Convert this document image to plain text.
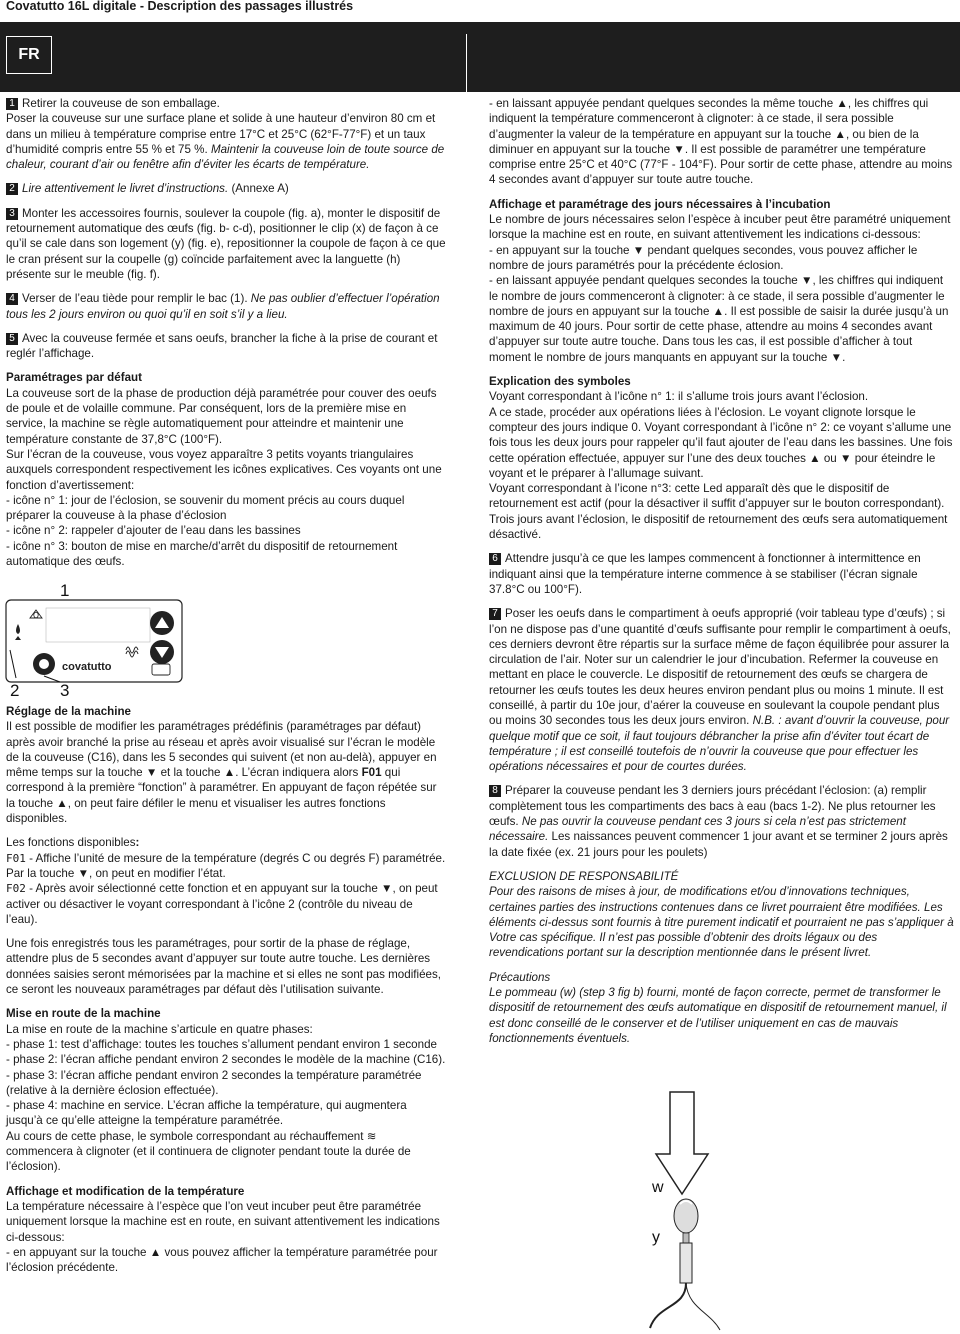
Covatutto 16L digitale - Description des passages illustrés
FR

1 Retirer la couveuse de son emballage.
Poser la couveuse sur une surface plane et solide à une hauteur d’environ 80 cm et dans un milieu à température comprise entre 17°C et 25°C (62°F-77°F) et un taux d’humidité compris entre 55 % et 75 %. Maintenir la couveuse loin de toute source de chaleur, courant d’air ou fenêtre afin d’éviter les écarts de température.

2 Lire attentivement le livret d’instructions. (Annexe A)

3 Monter les accessoires fournis, soulever la coupole (fig. a), monter le dispositif de retournement automatique des œufs (fig. b- c-d), positionner le clip (x) de façon à ce qu’il se cale dans son logement (y) (fig. e), repositionner la coupole de façon à ce que le cran présent sur la coupelle (g) coïncide parfaitement avec la languette (h) présente sur le meuble (fig. f).

4 Verser de l’eau tiède pour remplir le bac (1). Ne pas oublier d’effectuer l’opération tous les 2 jours environ ou quoi qu’il en soit s’il y a lieu.

5 Avec la couveuse fermée et sans oeufs, brancher la fiche à la prise de courant et reglér l’affichage.

Paramétrages par défaut
La couveuse sort de la phase de production déjà paramétrée pour couver des oeufs de poule et de volaille commune. Par conséquent, lors de la première mise en service, la machine se règle automatiquement pour atteindre et maintenir une température constante de 37,8°C (100°F).
Sur l’écran de la couveuse, vous voyez apparaître 3 petits voyants triangulaires auxquels correspondent respectivement les icônes explicatives. Ces voyants ont une fonction d’avertissement:
- icône n° 1: jour de l’éclosion, se souvenir du moment précis au cours duquel préparer la couveuse à la phase d’éclosion
- icône n° 2: rappeler d’ajouter de l’eau dans les bassines
- icône n° 3: bouton de mise en marche/d’arrêt du dispositif de retournement automatique des œufs.

1
covatutto
2 3

Réglage de la machine
Il est possible de modifier les paramétrages prédéfinis (paramétrages par défaut) après avoir branché la prise au réseau et après avoir visualisé sur l’écran le modèle de la couveuse (C16), dans les 5 secondes qui suivent (et non au-delà), appuyer en même temps sur la touche ▼ et la touche ▲. L’écran indiquera alors F01 qui correspond à la première “fonction” à paramétrer. En appuyant de façon répétée sur la touche ▲, on peut faire défiler le menu et visualiser les autres fonctions disponibles.

Les fonctions disponibles:
F01 - Affiche l’unité de mesure de la température (degrés C ou degrés F) paramétrée. Par la touche ▼, on peut en modifier l’état.
F02 - Après avoir sélectionné cette fonction et en appuyant sur la touche ▼, on peut activer ou désactiver le voyant correspondant à l’icône 2 (contrôle du niveau de l’eau).

Une fois enregistrés tous les paramétrages, pour sortir de la phase de réglage, attendre plus de 5 secondes avant d’appuyer sur toute autre touche. Les dernières données saisies seront mémorisées par la machine et si elles ne sont pas modifiées, ce seront les nouveaux paramétrages par défaut dès l’utilisation suivante.

Mise en route de la machine
La mise en route de la machine s’articule en quatre phases:
- phase 1: test d’affichage: toutes les touches s’allument pendant environ 1 seconde
- phase 2: l’écran affiche pendant environ 2 secondes le modèle de la machine (C16).
- phase 3: l’écran affiche pendant environ 2 secondes la température paramétrée (relative à la dernière éclosion effectuée).
- phase 4: machine en service. L’écran affiche la température, qui augmentera jusqu’à ce qu’elle atteigne la température paramétrée.
Au cours de cette phase, le symbole correspondant au réchauffement ≋ commencera à clignoter (et il continuera de clignoter pendant toute la durée de l’éclosion).

Affichage et modification de la température
La température nécessaire à l’espèce que l’on veut incuber peut être paramétrée uniquement lorsque la machine est en route, en suivant attentivement les indications ci-dessous:
- en appuyant sur la touche ▲ vous pouvez afficher la température paramétrée pour l’éclosion précédente.

- en laissant appuyée pendant quelques secondes la même touche ▲, les chiffres qui indiquent la température commenceront à clignoter: à ce stade, il sera possible d’augmenter la valeur de la température en appuyant sur la touche ▲, ou bien de la diminuer en appuyant sur la touche ▼. Il est possible de paramétrer une température comprise entre 25°C et 40°C (77°F - 104°F). Pour sortir de cette phase, attendre au moins 4 secondes avant d’appuyer sur toute autre touche.

Affichage et paramétrage des jours nécessaires à l’incubation
Le nombre de jours nécessaires selon l’espèce à incuber peut être paramétré uniquement lorsque la machine est en route, en suivant attentivement les indications ci-dessous:
- en appuyant sur la touche ▼ pendant quelques secondes, vous pouvez afficher le nombre de jours paramétrés pour la précédente éclosion.
- en laissant appuyée pendant quelques secondes la touche ▼, les chiffres qui indiquent le nombre de jours commenceront à clignoter: à ce stade, il sera possible d’augmenter le nombre de jours en appuyant sur la touche ▲. Il est possible de saisir la durée jusqu’à un maximum de 40 jours. Pour sortir de cette phase, attendre au moins 4 secondes avant d’appuyer sur toute autre touche. Dans tous les cas, il est possible d’afficher à tout moment le nombre de jours manquants en appuyant sur la touche ▼.

Explication des symboles
Voyant correspondant à l’icône n° 1: il s’allume trois jours avant l’éclosion.
A ce stade, procéder aux opérations liées à l’éclosion. Le voyant clignote lorsque le compteur des jours indique 0. Voyant correspondant à l’icône n° 2: ce voyant s’allume une fois tous les deux jours pour rappeler qu’il faut ajouter de l’eau dans les bassines. Une fois cette opération effectuée, appuyer sur l’une des deux touches ▲ ou ▼ pour éteindre le voyant et le préparer à l’allumage suivant.
Voyant correspondant à l’icone n°3: cette Led apparaît dès que le dispositif de retournement est actif (pour la désactiver il suffit d’appuyer sur le bouton correspondant). Trois jours avant l’éclosion, le dispositif de retournement des œufs sera automatiquement désactivé.

6 Attendre jusqu’à ce que les lampes commencent à fonctionner à intermittence en indiquant ainsi que la température interne commence à se stabiliser (l’écran signale 37.8°C ou 100°F).

7 Poser les oeufs dans le compartiment à oeufs approprié (voir tableau type d’œufs) ; si l’on ne dispose pas d’une quantité d’œufs suffisante pour remplir le compartiment à oeufs, ces derniers devront être répartis sur la surface même de façon équilibrée pour assurer la circulation de l’air. Noter sur un calendrier le jour d’incubation. Refermer la couveuse en mettant en place le couvercle. Le dispositif de retournement des œufs se chargera de retourner les œufs toutes les deux heures environ pendant plus ou moins 1 minute. Il est conseillé, à partir du 10e jour, d’aérer la couveuse en soulevant la coupole pendant plus ou moins 30 secondes tous les deux jours environ. N.B. : avant d’ouvrir la couveuse, pour quelque motif que ce soit, il faut toujours débrancher la prise afin d’éviter tout écart de température ; il est conseillé toutefois de n’ouvrir la couveuse que pour effectuer les opérations nécessaires et pour de courtes durées.

8 Préparer la couveuse pendant les 3 derniers jours précédant l’éclosion: (a) remplir complètement tous les compartiments des bacs à eau (bacs 1-2). Ne plus retourner les œufs. Ne pas ouvrir la couveuse pendant ces 3 jours si cela n’est pas strictement nécessaire. Les naissances peuvent commencer 1 jour avant et se terminer 2 jours après la date fixée (ex. 21 jours pour les poulets)

EXCLUSION DE RESPONSABILITÉ
Pour des raisons de mises à jour, de modifications et/ou d’innovations techniques, certaines parties des instructions contenues dans ce livret pourraient être modifiées. Les éléments ci-dessus sont fournis à titre purement indicatif et pourraient ne pas s’appliquer à Votre cas spécifique. Il n’est pas possible d’obtenir des droits légaux ou des revendications portant sur la description mentionnée dans le présent livret.

Précautions
Le pommeau (w) (step 3 fig b) fourni, monté de façon correcte, permet de transformer le dispositif de retournement des œufs automatique en dispositif de retournement manuel, il est donc conseillé de le conserver et de l’utiliser uniquement en cas de mauvais fonctionnements éventuels.

w
y
